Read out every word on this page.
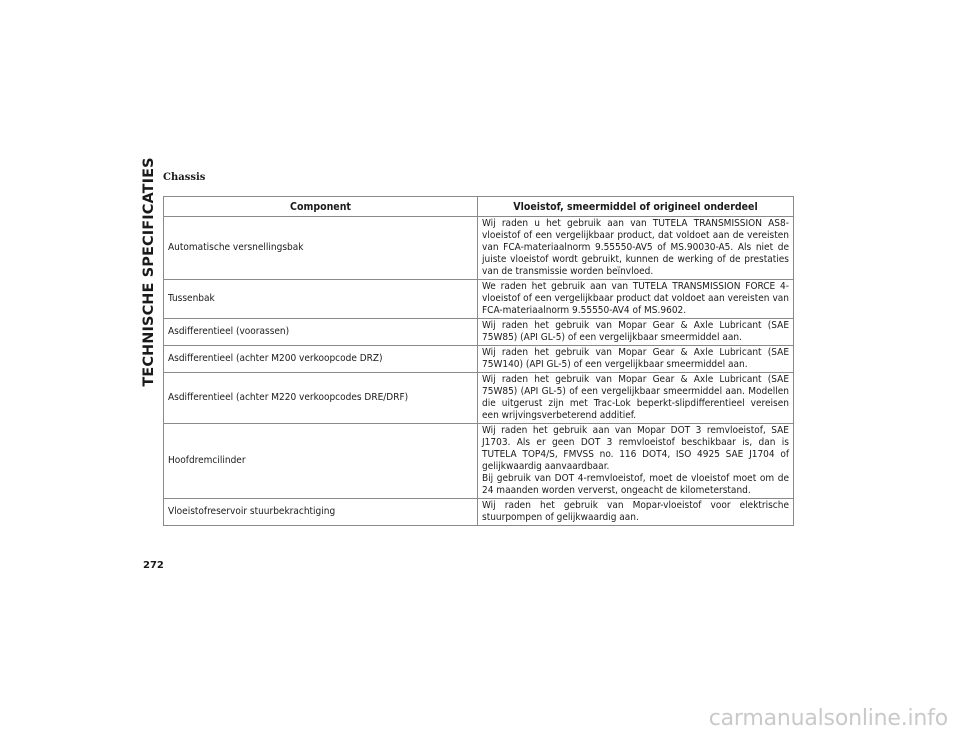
TECHNISCHE SPECIFICATIES Chassis
Component	Vloeistof, smeermiddel of origineel onderdeel
Automatische versnellingsbak	Wij raden u het gebruik aan van TUTELA TRANSMISSION AS8-vloeistof of een vergelijkbaar product, dat voldoet aan de vereisten van FCA-materiaalnorm 9.55550-AV5 of MS.90030-A5. Als niet de juiste vloeistof wordt gebruikt, kunnen de werking of de prestaties van de transmissie worden beïnvloed.
Tussenbak	We raden het gebruik aan van TUTELA TRANSMISSION FORCE 4-vloeistof of een vergelijkbaar product dat voldoet aan vereisten van FCA-materiaalnorm 9.55550-AV4 of MS.9602.
Asdifferentieel (voorassen)	Wij raden het gebruik van Mopar Gear & Axle Lubricant (SAE 75W85) (API GL-5) of een vergelijkbaar smeermiddel aan.
Asdifferentieel (achter M200 verkoopcode DRZ)	Wij raden het gebruik van Mopar Gear & Axle Lubricant (SAE 75W140) (API GL-5) of een vergelijkbaar smeermiddel aan.
Asdifferentieel (achter M220 verkoopcodes DRE/DRF)	Wij raden het gebruik van Mopar Gear & Axle Lubricant (SAE 75W85) (API GL-5) of een vergelijkbaar smeermiddel aan. Modellen die uitgerust zijn met Trac-Lok beperkt-slipdifferentieel vereisen een wrijvingsverbeterend additief.
Hoofdremcilinder	Wij raden het gebruik aan van Mopar DOT 3 remvloeistof, SAE J1703. Als er geen DOT 3 remvloeistof beschikbaar is, dan is TUTELA TOP4/S, FMVSS no. 116 DOT4, ISO 4925 SAE J1704 of gelijkwaardig aanvaardbaar.
Bij gebruik van DOT 4-remvloeistof, moet de vloeistof moet om de 24 maanden worden ververst, ongeacht de kilometerstand.

Vloeistofreservoir stuurbekrachtiging	Wij raden het gebruik van Mopar-vloeistof voor elektrische stuurpompen of gelijkwaardig aan.
272
carmanualsonline.info
